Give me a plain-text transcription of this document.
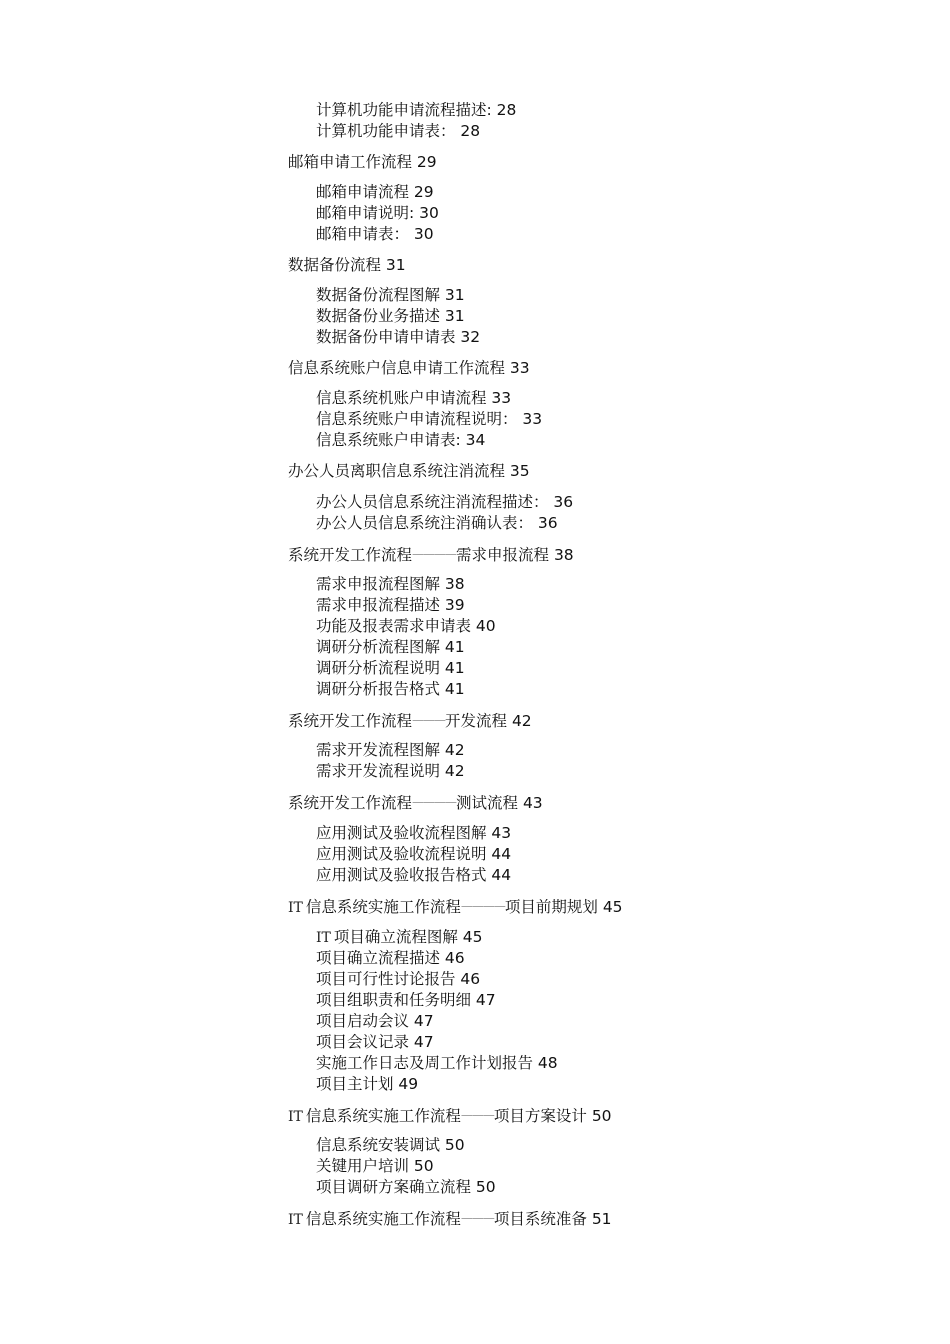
计算机功能申请流程描述: 28
计算机功能申请表： 28
邮箱申请工作流程 29
邮箱申请流程 29
邮箱申请说明: 30
邮箱申请表： 30
数据备份流程 31
数据备份流程图解 31
数据备份业务描述 31
数据备份申请申请表 32
信息系统账户信息申请工作流程 33
信息系统机账户申请流程 33
信息系统账户申请流程说明： 33
信息系统账户申请表: 34
办公人员离职信息系统注消流程 35
办公人员信息系统注消流程描述： 36
办公人员信息系统注消确认表： 36
系统开发工作流程————需求申报流程 38
需求申报流程图解 38
需求申报流程描述 39
功能及报表需求申请表 40
调研分析流程图解 41
调研分析流程说明 41
调研分析报告格式 41
系统开发工作流程———开发流程 42
需求开发流程图解 42
需求开发流程说明 42
系统开发工作流程————测试流程 43
应用测试及验收流程图解 43
应用测试及验收流程说明 44
应用测试及验收报告格式 44
IT 信息系统实施工作流程————项目前期规划 45
IT 项目确立流程图解 45
项目确立流程描述 46
项目可行性讨论报告 46
项目组职责和任务明细 47
项目启动会议 47
项目会议记录 47
实施工作日志及周工作计划报告 48
项目主计划 49
IT 信息系统实施工作流程———项目方案设计 50
信息系统安装调试 50
关键用户培训 50
项目调研方案确立流程 50
IT 信息系统实施工作流程———项目系统准备 51
